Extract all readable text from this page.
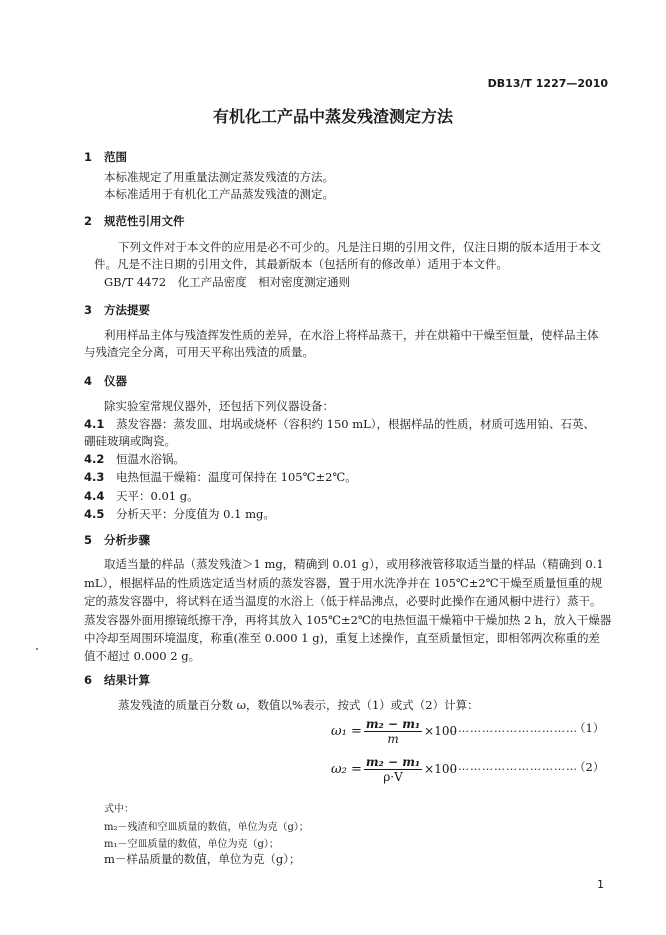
DB13/T 1227—2010
有机化工产品中蒸发残渣测定方法
1 范围
本标准规定了用重量法测定蒸发残渣的方法。
本标准适用于有机化工产品蒸发残渣的测定。
2 规范性引用文件
下列文件对于本文件的应用是必不可少的。凡是注日期的引用文件，仅注日期的版本适用于本文
件。凡是不注日期的引用文件，其最新版本（包括所有的修改单）适用于本文件。
GB/T 4472　化工产品密度　相对密度测定通则
3 方法提要
利用样品主体与残渣挥发性质的差异，在水浴上将样品蒸干，并在烘箱中干燥至恒量，使样品主体
与残渣完全分离，可用天平称出残渣的质量。
4 仪器
除实验室常规仪器外，还包括下列仪器设备：
4.1 蒸发容器：蒸发皿、坩埚或烧杯（容积约 150 mL），根据样品的性质，材质可选用铂、石英、
硼硅玻璃或陶瓷。
4.2 恒温水浴锅。
4.3 电热恒温干燥箱：温度可保持在 105℃±2℃。
4.4 天平：0.01 g。
4.5 分析天平：分度值为 0.1 mg。
5 分析步骤
取适当量的样品（蒸发残渣＞1 mg，精确到 0.01 g），或用移液管移取适当量的样品（精确到 0.1
mL），根据样品的性质选定适当材质的蒸发容器，置于用水洗净并在 105℃±2℃干燥至质量恒重的规
定的蒸发容器中，将试料在适当温度的水浴上（低于样品沸点，必要时此操作在通风橱中进行）蒸干。
蒸发容器外面用擦镜纸擦干净，再将其放入 105℃±2℃的电热恒温干燥箱中干燥加热 2 h，放入干燥器
中冷却至周围环境温度，称重(准至 0.000 1 g)，重复上述操作，直至质量恒定，即相邻两次称重的差
值不超过 0.000 2 g。
6 结果计算
蒸发残渣的质量百分数 ω，数值以%表示，按式（1）或式（2）计算：
$\omega_1 = \frac{\text{m₂ − m₁}}{m} \times 100$
……………………………
（1）
$\omega_2 = \frac{\text{m₂ − m₁}}{\rho\cdot V} \times 100$
……………………………
（2）
式中：
m₂－残渣和空皿质量的数值，单位为克（g）；
m₁－空皿质量的数值，单位为克（g）；
m－样品质量的数值，单位为克（g）；
1
